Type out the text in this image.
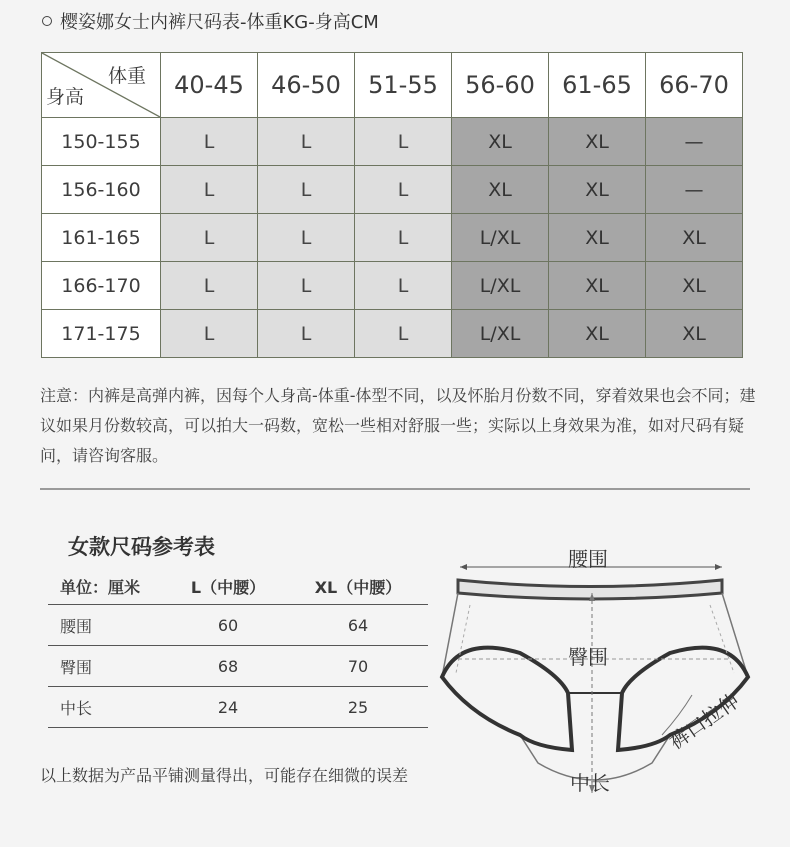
樱姿娜女士内裤尺码表-体重KG-身高CM
体重
身高	40-45	46-50	51-55	56-60	61-65	66-70
150-155	L	L	L	XL	XL	—
156-160	L	L	L	XL	XL	—
161-165	L	L	L	L/XL	XL	XL
166-170	L	L	L	L/XL	XL	XL
171-175	L	L	L	L/XL	XL	XL
注意：内裤是高弹内裤，因每个人身高-体重-体型不同，以及怀胎月份数不同，穿着效果也会不同；建议如果月份数较高，可以拍大一码数，宽松一些相对舒服一些；实际以上身效果为准，如对尺码有疑问，请咨询客服。
女款尺码参考表
单位：厘米	L（中腰）	XL（中腰）
腰围	60	64
臀围	68	70
中长	24	25
以上数据为产品平铺测量得出，可能存在细微的误差
腰围
臀围
中长
裤口拉伸
